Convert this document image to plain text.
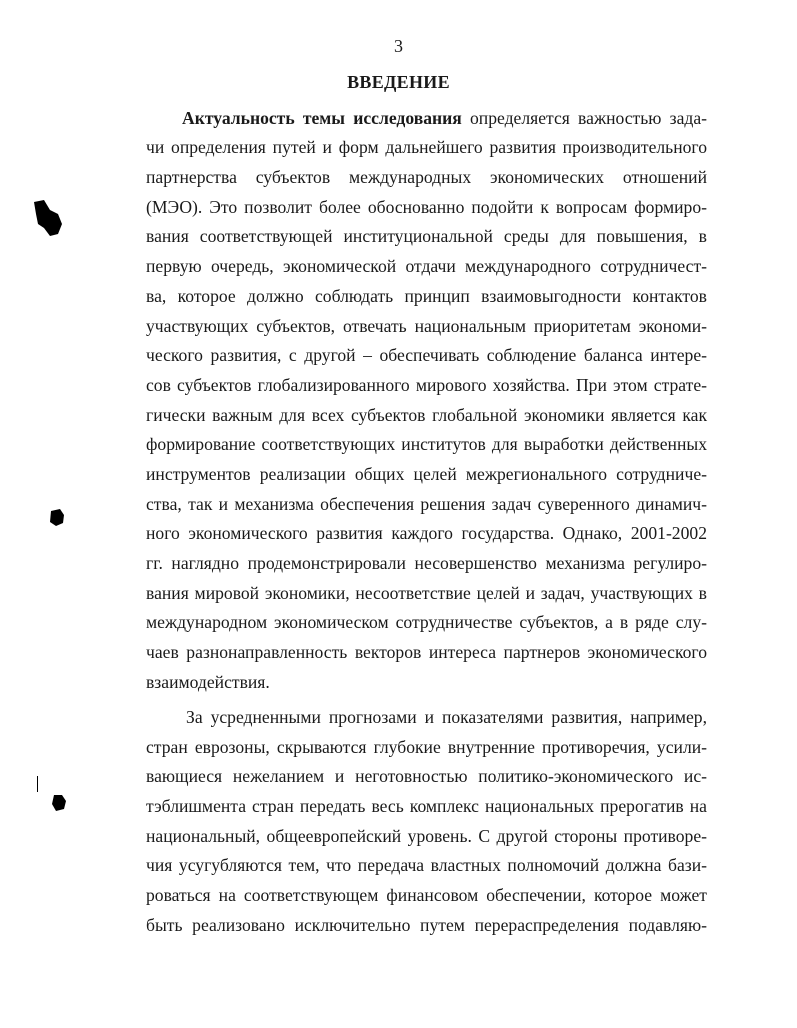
3
ВВЕДЕНИЕ
Актуальность темы исследования определяется важностью зада-
чи определения путей и форм дальнейшего развития производительного
партнерства субъектов международных экономических отношений
(МЭО). Это позволит более обоснованно подойти к вопросам формиро-
вания соответствующей институциональной среды для повышения, в
первую очередь, экономической отдачи международного сотрудничест-
ва, которое должно соблюдать принцип взаимовыгодности контактов
участвующих субъектов, отвечать национальным приоритетам экономи-
ческого развития, с другой – обеспечивать соблюдение баланса интере-
сов субъектов глобализированного мирового хозяйства. При этом страте-
гически важным для всех субъектов глобальной экономики является как
формирование соответствующих институтов для выработки действенных
инструментов реализации общих целей межрегионального сотрудниче-
ства, так и механизма обеспечения решения задач суверенного динамич-
ного экономического развития каждого государства. Однако, 2001-2002
гг. наглядно продемонстрировали несовершенство механизма регулиро-
вания мировой экономики, несоответствие целей и задач, участвующих в
международном экономическом сотрудничестве субъектов, а в ряде слу-
чаев разнонаправленность векторов интереса партнеров экономического
взаимодействия.
За усредненными прогнозами и показателями развития, например,
стран еврозоны, скрываются глубокие внутренние противоречия, усили-
вающиеся нежеланием и неготовностью политико-экономического ис-
тэблишмента стран передать весь комплекс национальных прерогатив на
национальный, общеевропейский уровень. С другой стороны противоре-
чия усугубляются тем, что передача властных полномочий должна бази-
роваться на соответствующем финансовом обеспечении, которое может
быть реализовано исключительно путем перераспределения подавляю-
